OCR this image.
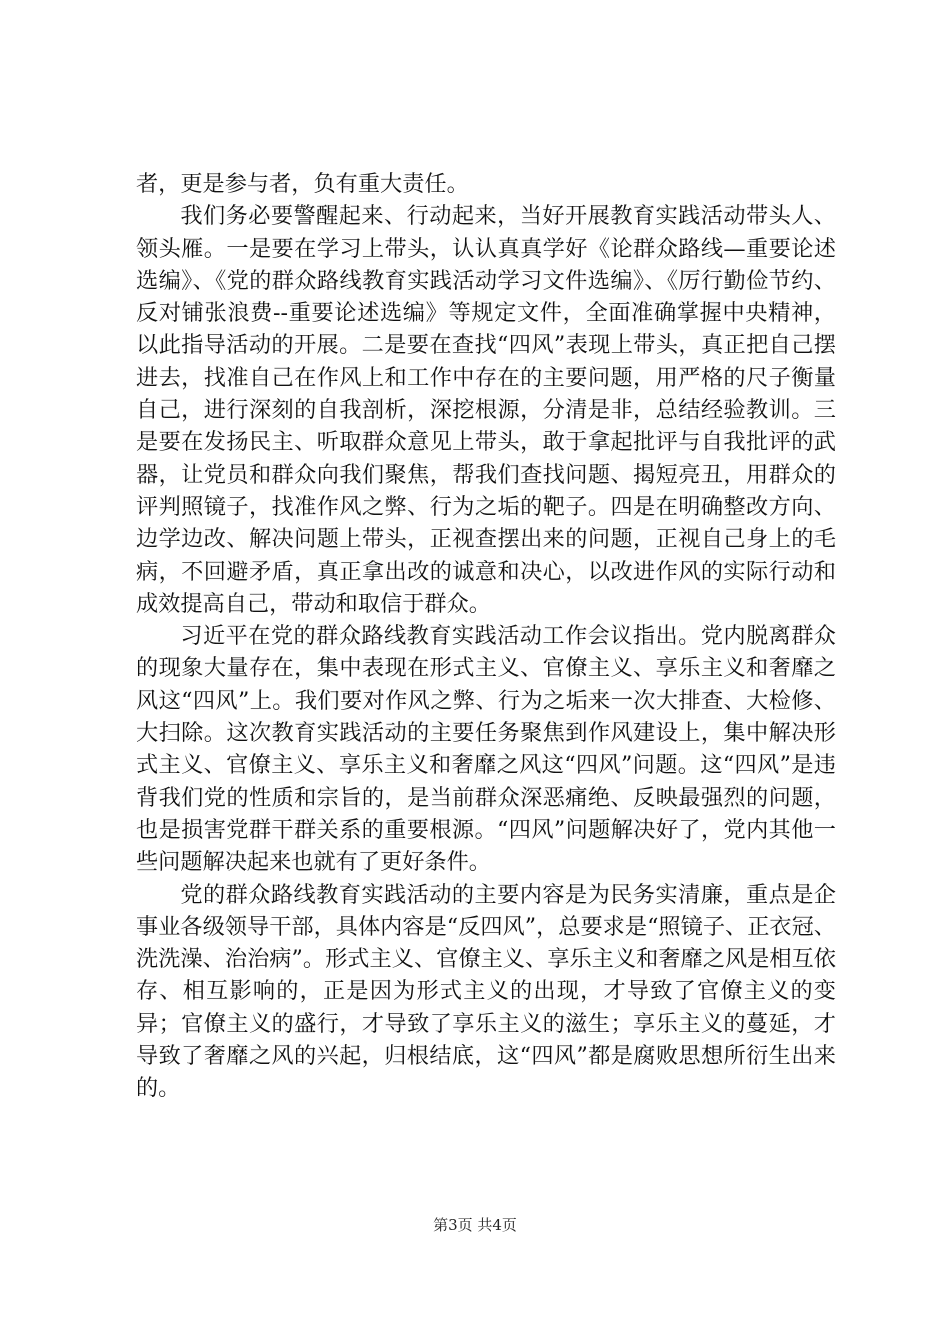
者，更是参与者，负有重大责任。

我们务必要警醒起来、行动起来，当好开展教育实践活动带头人、领头雁。一是要在学习上带头，认认真真学好《论群众路线—重要论述选编》、《党的群众路线教育实践活动学习文件选编》、《厉行勤俭节约、反对铺张浪费--重要论述选编》等规定文件，全面准确掌握中央精神，以此指导活动的开展。二是要在查找“四风”表现上带头，真正把自己摆进去，找准自己在作风上和工作中存在的主要问题，用严格的尺子衡量自己，进行深刻的自我剖析，深挖根源，分清是非，总结经验教训。三是要在发扬民主、听取群众意见上带头，敢于拿起批评与自我批评的武器，让党员和群众向我们聚焦，帮我们查找问题、揭短亮丑，用群众的评判照镜子，找准作风之弊、行为之垢的靶子。四是在明确整改方向、边学边改、解决问题上带头，正视查摆出来的问题，正视自己身上的毛病，不回避矛盾，真正拿出改的诚意和决心，以改进作风的实际行动和成效提高自己，带动和取信于群众。

习近平在党的群众路线教育实践活动工作会议指出。党内脱离群众的现象大量存在，集中表现在形式主义、官僚主义、享乐主义和奢靡之风这“四风”上。我们要对作风之弊、行为之垢来一次大排查、大检修、大扫除。这次教育实践活动的主要任务聚焦到作风建设上，集中解决形式主义、官僚主义、享乐主义和奢靡之风这“四风”问题。这“四风”是违背我们党的性质和宗旨的，是当前群众深恶痛绝、反映最强烈的问题，也是损害党群干群关系的重要根源。“四风”问题解决好了，党内其他一些问题解决起来也就有了更好条件。

党的群众路线教育实践活动的主要内容是为民务实清廉，重点是企事业各级领导干部，具体内容是“反四风”，总要求是“照镜子、正衣冠、洗洗澡、治治病”。形式主义、官僚主义、享乐主义和奢靡之风是相互依存、相互影响的，正是因为形式主义的出现，才导致了官僚主义的变异；官僚主义的盛行，才导致了享乐主义的滋生；享乐主义的蔓延，才导致了奢靡之风的兴起，归根结底，这“四风”都是腐败思想所衍生出来的。

第3页 共4页
